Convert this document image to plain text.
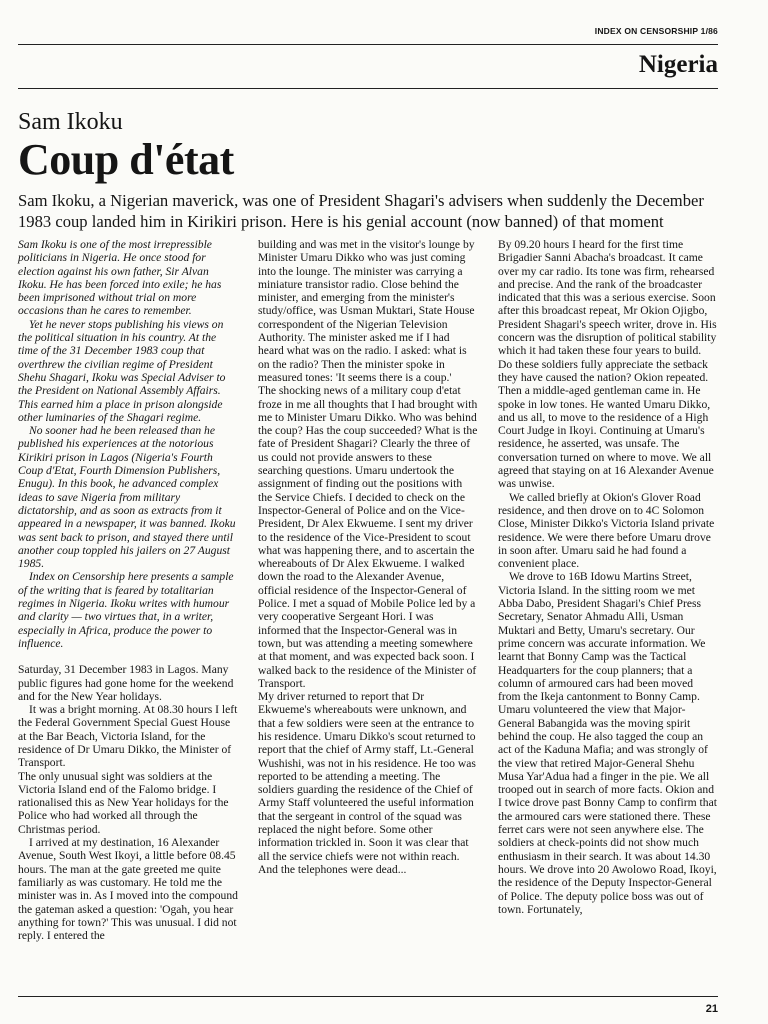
INDEX ON CENSORSHIP 1/86
Nigeria
Sam Ikoku
Coup d'état
Sam Ikoku, a Nigerian maverick, was one of President Shagari's advisers when suddenly the December 1983 coup landed him in Kirikiri prison. Here is his genial account (now banned) of that moment

Sam Ikoku is one of the most irrepressible politicians in Nigeria. He once stood for election against his own father, Sir Alvan Ikoku. He has been forced into exile; he has been imprisoned without trial on more occasions than he cares to remember.

Yet he never stops publishing his views on the political situation in his country. At the time of the 31 December 1983 coup that overthrew the civilian regime of President Shehu Shagari, Ikoku was Special Adviser to the President on National Assembly Affairs. This earned him a place in prison alongside other luminaries of the Shagari regime.

No sooner had he been released than he published his experiences at the notorious Kirikiri prison in Lagos (Nigeria's Fourth Coup d'Etat, Fourth Dimension Publishers, Enugu). In this book, he advanced complex ideas to save Nigeria from military dictatorship, and as soon as extracts from it appeared in a newspaper, it was banned. Ikoku was sent back to prison, and stayed there until another coup toppled his jailers on 27 August 1985.

Index on Censorship here presents a sample of the writing that is feared by totalitarian regimes in Nigeria. Ikoku writes with humour and clarity — two virtues that, in a writer, especially in Africa, produce the power to influence.

Saturday, 31 December 1983 in Lagos. Many public figures had gone home for the weekend and for the New Year holidays.

It was a bright morning. At 08.30 hours I left the Federal Government Special Guest House at the Bar Beach, Victoria Island, for the residence of Dr Umaru Dikko, the Minister of Transport.

The only unusual sight was soldiers at the Victoria Island end of the Falomo bridge. I rationalised this as New Year holidays for the Police who had worked all through the Christmas period.

I arrived at my destination, 16 Alexander Avenue, South West Ikoyi, a little before 08.45 hours. The man at the gate greeted me quite familiarly as was customary. He told me the minister was in. As I moved into the compound the gateman asked a question: 'Ogah, you hear anything for town?' This was unusual. I did not reply. I entered the

building and was met in the visitor's lounge by Minister Umaru Dikko who was just coming into the lounge. The minister was carrying a miniature transistor radio. Close behind the minister, and emerging from the minister's study/office, was Usman Muktari, State House correspondent of the Nigerian Television Authority. The minister asked me if I had heard what was on the radio. I asked: what is on the radio? Then the minister spoke in measured tones: 'It seems there is a coup.'

The shocking news of a military coup d'etat froze in me all thoughts that I had brought with me to Minister Umaru Dikko. Who was behind the coup? Has the coup succeeded? What is the fate of President Shagari? Clearly the three of us could not provide answers to these searching questions. Umaru undertook the assignment of finding out the positions with the Service Chiefs. I decided to check on the Inspector-General of Police and on the Vice-President, Dr Alex Ekwueme. I sent my driver to the residence of the Vice-President to scout what was happening there, and to ascertain the whereabouts of Dr Alex Ekwueme. I walked down the road to the Alexander Avenue, official residence of the Inspector-General of Police. I met a squad of Mobile Police led by a very cooperative Sergeant Hori. I was informed that the Inspector-General was in town, but was attending a meeting somewhere at that moment, and was expected back soon. I walked back to the residence of the Minister of Transport.

My driver returned to report that Dr Ekwueme's whereabouts were unknown, and that a few soldiers were seen at the entrance to his residence. Umaru Dikko's scout returned to report that the chief of Army staff, Lt.-General Wushishi, was not in his residence. He too was reported to be attending a meeting. The soldiers guarding the residence of the Chief of Army Staff volunteered the useful information that the sergeant in control of the squad was replaced the night before. Some other information trickled in. Soon it was clear that all the service chiefs were not within reach. And the telephones were dead...

By 09.20 hours I heard for the first time Brigadier Sanni Abacha's broadcast. It came over my car radio. Its tone was firm, rehearsed and precise. And the rank of the broadcaster indicated that this was a serious exercise. Soon after this broadcast repeat, Mr Okion Ojigbo, President Shagari's speech writer, drove in. His concern was the disruption of political stability which it had taken these four years to build. Do these soldiers fully appreciate the setback they have caused the nation? Okion repeated. Then a middle-aged gentleman came in. He spoke in low tones. He wanted Umaru Dikko, and us all, to move to the residence of a High Court Judge in Ikoyi. Continuing at Umaru's residence, he asserted, was unsafe. The conversation turned on where to move. We all agreed that staying on at 16 Alexander Avenue was unwise.

We called briefly at Okion's Glover Road residence, and then drove on to 4C Solomon Close, Minister Dikko's Victoria Island private residence. We were there before Umaru drove in soon after. Umaru said he had found a convenient place.

We drove to 16B Idowu Martins Street, Victoria Island. In the sitting room we met Abba Dabo, President Shagari's Chief Press Secretary, Senator Ahmadu Alli, Usman Muktari and Betty, Umaru's secretary. Our prime concern was accurate information. We learnt that Bonny Camp was the Tactical Headquarters for the coup planners; that a column of armoured cars had been moved from the Ikeja cantonment to Bonny Camp. Umaru volunteered the view that Major-General Babangida was the moving spirit behind the coup. He also tagged the coup an act of the Kaduna Mafia; and was strongly of the view that retired Major-General Shehu Musa Yar'Adua had a finger in the pie. We all trooped out in search of more facts. Okion and I twice drove past Bonny Camp to confirm that the armoured cars were stationed there. These ferret cars were not seen anywhere else. The soldiers at check-points did not show much enthusiasm in their search. It was about 14.30 hours. We drove into 20 Awolowo Road, Ikoyi, the residence of the Deputy Inspector-General of Police. The deputy police boss was out of town. Fortunately,

21
